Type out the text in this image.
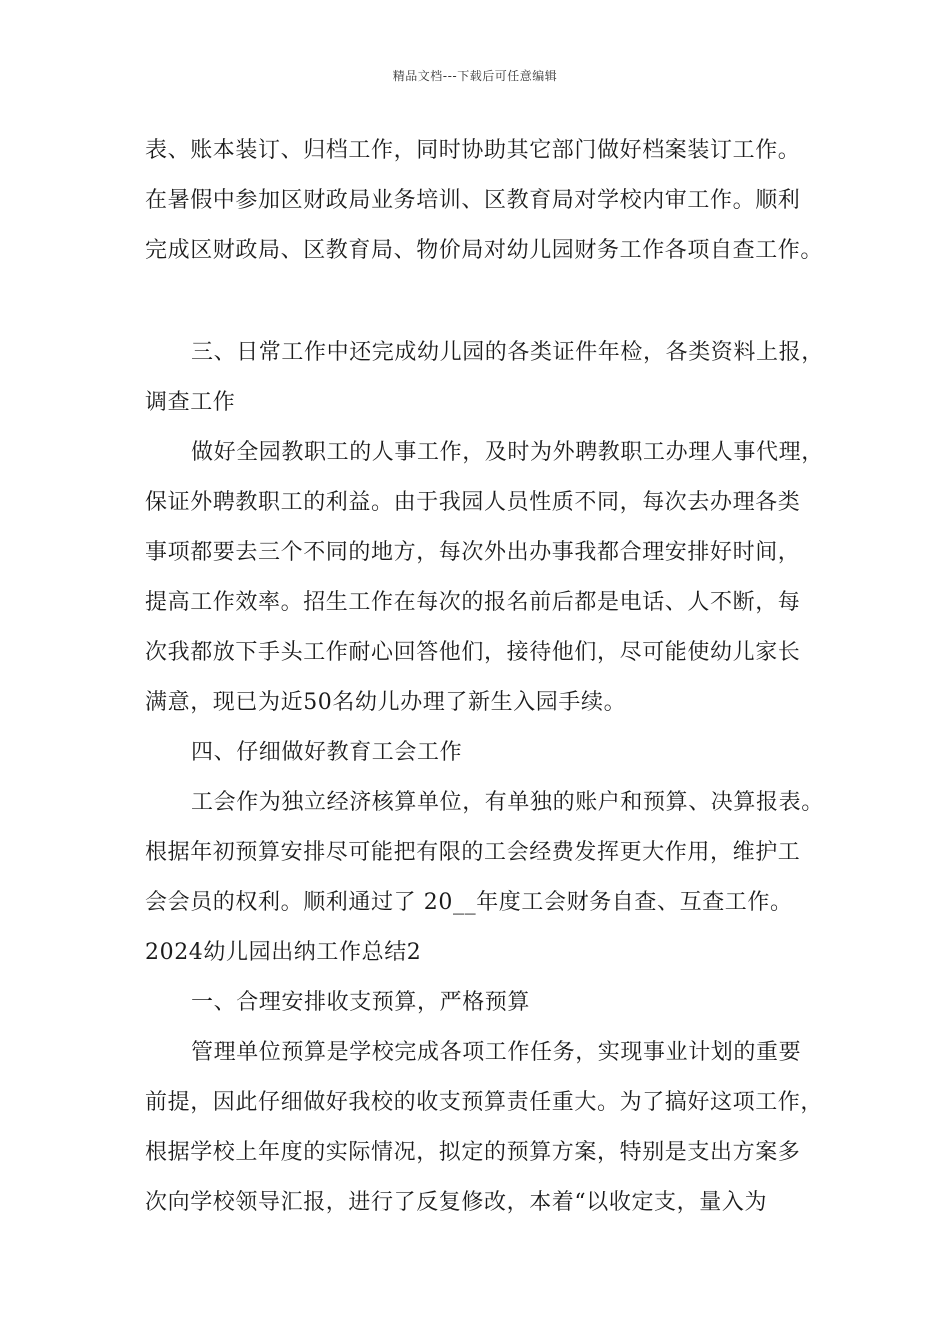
精品文档---下载后可任意编辑
表、账本装订、归档工作，同时协助其它部门做好档案装订工作。
在暑假中参加区财政局业务培训、区教育局对学校内审工作。顺利
完成区财政局、区教育局、物价局对幼儿园财务工作各项自查工作。
三、日常工作中还完成幼儿园的各类证件年检，各类资料上报，
调查工作
做好全园教职工的人事工作，及时为外聘教职工办理人事代理，
保证外聘教职工的利益。由于我园人员性质不同，每次去办理各类
事项都要去三个不同的地方，每次外出办事我都合理安排好时间，
提高工作效率。招生工作在每次的报名前后都是电话、人不断，每
次我都放下手头工作耐心回答他们，接待他们，尽可能使幼儿家长
满意，现已为近50名幼儿办理了新生入园手续。
四、仔细做好教育工会工作
工会作为独立经济核算单位，有单独的账户和预算、决算报表。
根据年初预算安排尽可能把有限的工会经费发挥更大作用，维护工
会会员的权利。顺利通过了 20__年度工会财务自查、互查工作。
2024幼儿园出纳工作总结2
一、合理安排收支预算，严格预算
管理单位预算是学校完成各项工作任务，实现事业计划的重要
前提，因此仔细做好我校的收支预算责任重大。为了搞好这项工作，
根据学校上年度的实际情况，拟定的预算方案，特别是支出方案多
次向学校领导汇报，进行了反复修改，本着“以收定支，量入为
